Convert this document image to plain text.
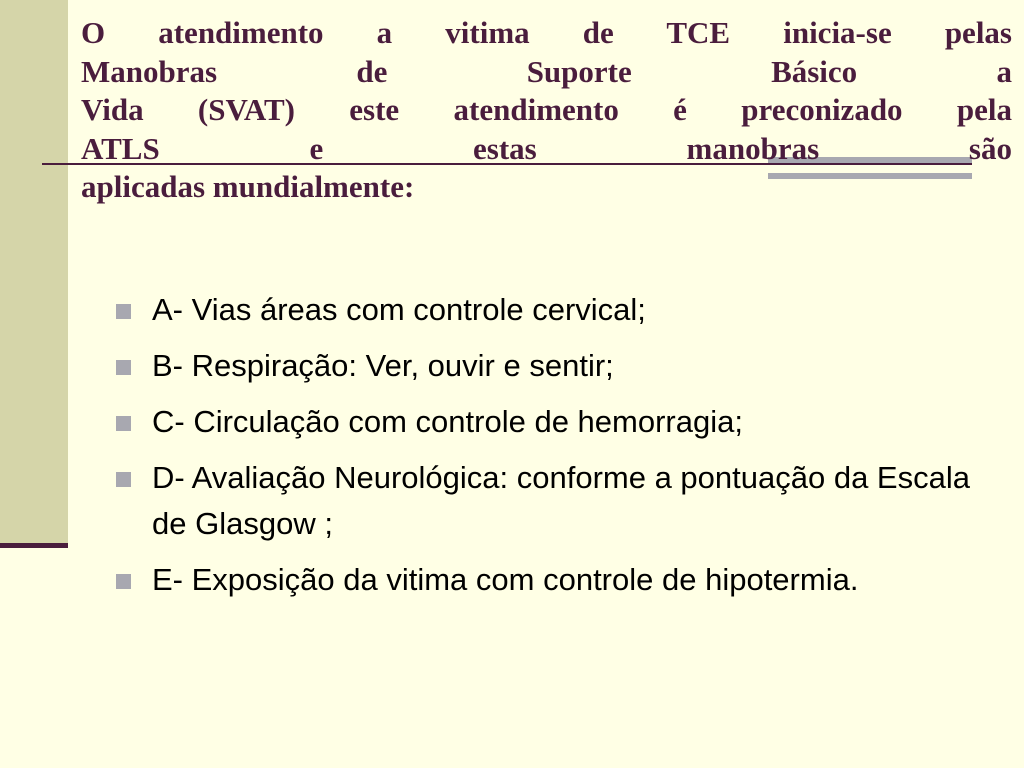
O atendimento a vitima de TCE inicia-se pelas
Manobras de Suporte Básico a
Vida (SVAT) este atendimento é preconizado pela
ATLS e estas manobras são
aplicadas mundialmente:
A- Vias áreas com controle cervical;
B- Respiração: Ver, ouvir e sentir;
C- Circulação com controle de hemorragia;
D- Avaliação Neurológica: conforme a pontuação da Escala de Glasgow ;
E- Exposição da vitima com controle de hipotermia.
